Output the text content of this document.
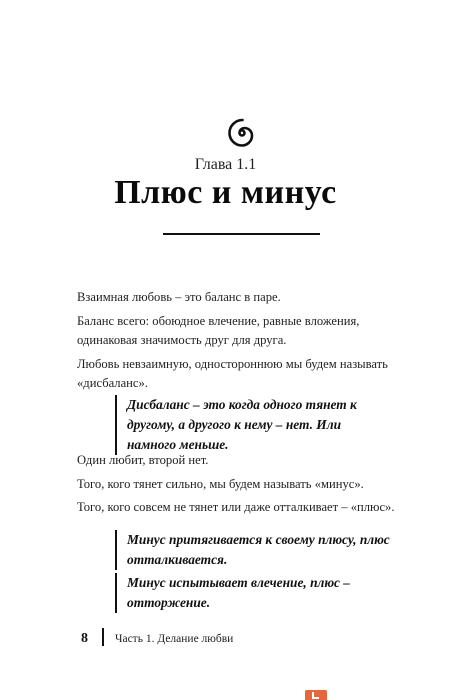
Глава 1.1
Плюс и минус

Взаимная любовь – это баланс в паре.

Баланс всего: обоюдное влечение, равные вложения, одинаковая значимость друг для друга.

Любовь невзаимную, одностороннюю мы будем называть «дисбаланс».

Дисбаланс – это когда одного тянет к другому, а другого к нему – нет. Или намного меньше.

Один любит, второй нет.

Того, кого тянет сильно, мы будем называть «минус».

Того, кого совсем не тянет или даже отталкивает – «плюс».

Минус притягивается к своему плюсу, плюс отталкивается.
Минус испытывает влечение, плюс – отторжение.
8 Часть 1. Делание любви
